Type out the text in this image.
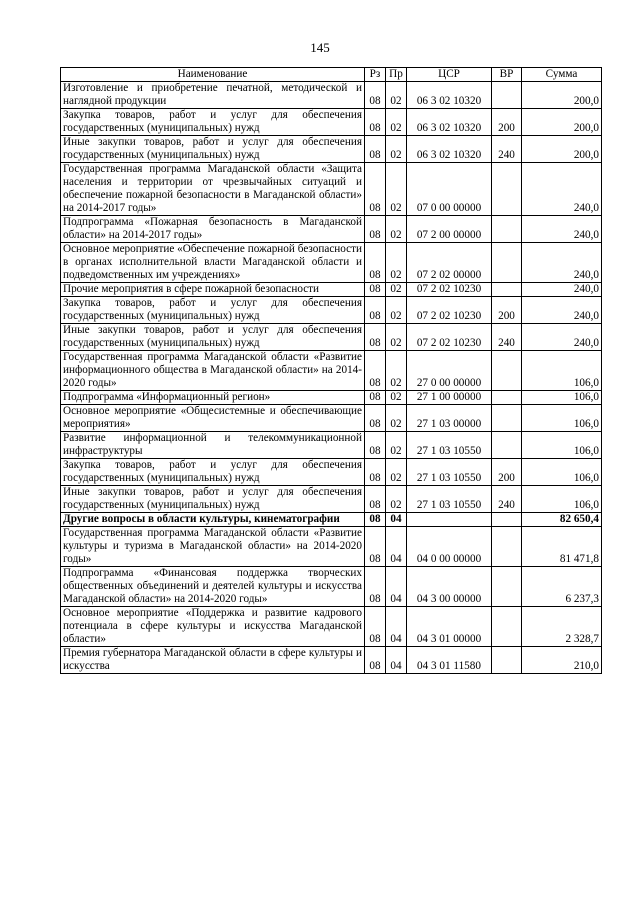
145
Наименование	Рз	Пр	ЦСР	ВР	Сумма
Изготовление и приобретение печатной, методической и наглядной продукции	08	02	06 3 02 10320		200,0
Закупка товаров, работ и услуг для обеспечения государственных (муниципальных) нужд	08	02	06 3 02 10320	200	200,0
Иные закупки товаров, работ и услуг для обеспечения государственных (муниципальных) нужд	08	02	06 3 02 10320	240	200,0
Государственная программа Магаданской области «Защита населения и территории от чрезвычайных ситуаций и обеспечение пожарной безопасности в Магаданской области» на 2014-2017 годы»	08	02	07 0 00 00000		240,0
Подпрограмма «Пожарная безопасность в Магаданской области» на 2014-2017 годы»	08	02	07 2 00 00000		240,0
Основное мероприятие «Обеспечение пожарной безопасности в органах исполнительной власти Магаданской области и подведомственных им учреждениях»	08	02	07 2 02 00000		240,0
Прочие мероприятия в сфере пожарной безопасности	08	02	07 2 02 10230		240,0
Закупка товаров, работ и услуг для обеспечения государственных (муниципальных) нужд	08	02	07 2 02 10230	200	240,0
Иные закупки товаров, работ и услуг для обеспечения государственных (муниципальных) нужд	08	02	07 2 02 10230	240	240,0
Государственная программа Магаданской области «Развитие информационного общества в Магаданской области» на 2014-2020 годы»	08	02	27 0 00 00000		106,0
Подпрограмма «Информационный регион»	08	02	27 1 00 00000		106,0
Основное мероприятие «Общесистемные и обеспечивающие мероприятия»	08	02	27 1 03 00000		106,0
Развитие информационной и телекоммуникационной инфраструктуры	08	02	27 1 03 10550		106,0
Закупка товаров, работ и услуг для обеспечения государственных (муниципальных) нужд	08	02	27 1 03 10550	200	106,0
Иные закупки товаров, работ и услуг для обеспечения государственных (муниципальных) нужд	08	02	27 1 03 10550	240	106,0
Другие вопросы в области культуры, кинематографии	08	04			82 650,4
Государственная программа Магаданской области «Развитие культуры и туризма в Магаданской области» на 2014-2020 годы»	08	04	04 0 00 00000		81 471,8
Подпрограмма «Финансовая поддержка творческих общественных объединений и деятелей культуры и искусства Магаданской области» на 2014-2020 годы»	08	04	04 3 00 00000		6 237,3
Основное мероприятие «Поддержка и развитие кадрового потенциала в сфере культуры и искусства Магаданской области»	08	04	04 3 01 00000		2 328,7
Премия губернатора Магаданской области в сфере культуры и искусства	08	04	04 3 01 11580		210,0
